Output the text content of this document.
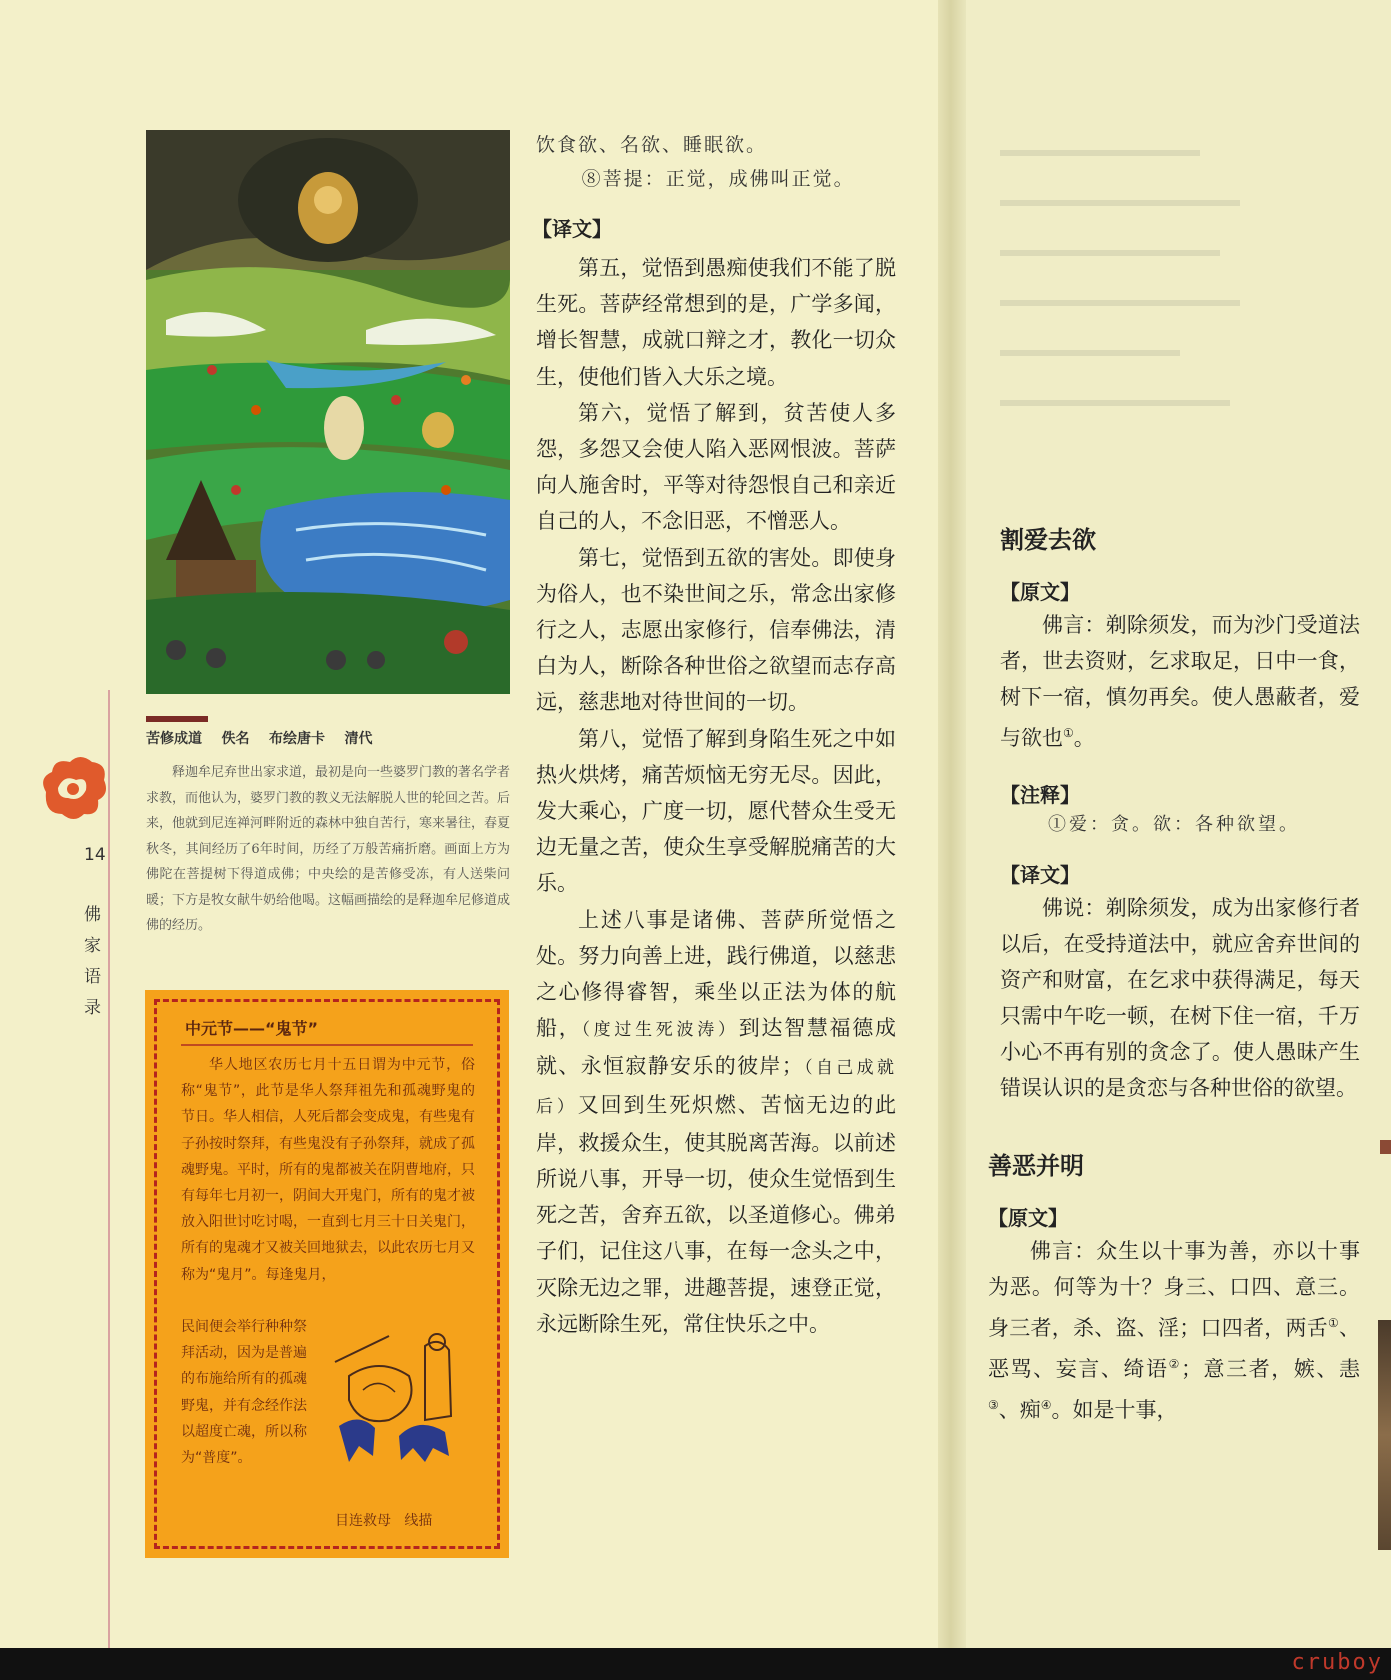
苦修成道 佚名 布绘唐卡 清代

释迦牟尼弃世出家求道，最初是向一些婆罗门教的著名学者求教，而他认为，婆罗门教的教义无法解脱人世的轮回之苦。后来，他就到尼连禅河畔附近的森林中独自苦行，寒来暑往，春夏秋冬，其间经历了6年时间，历经了万般苦痛折磨。画面上方为佛陀在菩提树下得道成佛；中央绘的是苦修受冻，有人送柴问暖；下方是牧女献牛奶给他喝。这幅画描绘的是释迦牟尼修道成佛的经历。

14
佛家语录
中元节——“鬼节”

华人地区农历七月十五日谓为中元节，俗称“鬼节”，此节是华人祭拜祖先和孤魂野鬼的节日。华人相信，人死后都会变成鬼，有些鬼有子孙按时祭拜，有些鬼没有子孙祭拜，就成了孤魂野鬼。平时，所有的鬼都被关在阴曹地府，只有每年七月初一，阴间大开鬼门，所有的鬼才被放入阳世讨吃讨喝，一直到七月三十日关鬼门，所有的鬼魂才又被关回地狱去，以此农历七月又称为“鬼月”。每逢鬼月，

民间便会举行种种祭拜活动，因为是普遍的布施给所有的孤魂野鬼，并有念经作法以超度亡魂，所以称为“普度”。

目连救母 线描

饮食欲、名欲、睡眠欲。

⑧菩提：正觉，成佛叫正觉。

【译文】

第五，觉悟到愚痴使我们不能了脱生死。菩萨经常想到的是，广学多闻，增长智慧，成就口辩之才，教化一切众生，使他们皆入大乐之境。

第六，觉悟了解到，贫苦使人多怨，多怨又会使人陷入恶网恨波。菩萨向人施舍时，平等对待怨恨自己和亲近自己的人，不念旧恶，不憎恶人。

第七，觉悟到五欲的害处。即使身为俗人，也不染世间之乐，常念出家修行之人，志愿出家修行，信奉佛法，清白为人，断除各种世俗之欲望而志存高远，慈悲地对待世间的一切。

第八，觉悟了解到身陷生死之中如热火烘烤，痛苦烦恼无穷无尽。因此，发大乘心，广度一切，愿代替众生受无边无量之苦，使众生享受解脱痛苦的大乐。

上述八事是诸佛、菩萨所觉悟之处。努力向善上进，践行佛道，以慈悲之心修得睿智，乘坐以正法为体的航船，（度过生死波涛）到达智慧福德成就、永恒寂静安乐的彼岸；（自己成就后）又回到生死炽燃、苦恼无边的此岸，救援众生，使其脱离苦海。以前述所说八事，开导一切，使众生觉悟到生死之苦，舍弃五欲，以圣道修心。佛弟子们，记住这八事，在每一念头之中，灭除无边之罪，进趣菩提，速登正觉，永远断除生死，常住快乐之中。

割爱去欲
【原文】

佛言：剃除须发，而为沙门受道法者，世去资财，乞求取足，日中一食，树下一宿，慎勿再矣。使人愚蔽者，爱与欲也①。

【注释】

①爱：贪。欲：各种欲望。

【译文】

佛说：剃除须发，成为出家修行者以后，在受持道法中，就应舍弃世间的资产和财富，在乞求中获得满足，每天只需中午吃一顿，在树下住一宿，千万小心不再有别的贪念了。使人愚昧产生错误认识的是贪恋与各种世俗的欲望。

善恶并明
【原文】

佛言：众生以十事为善，亦以十事为恶。何等为十？身三、口四、意三。身三者，杀、盗、淫；口四者，两舌①、恶骂、妄言、绮语②；意三者，嫉、恚③、痴④。如是十事，

cruboy
